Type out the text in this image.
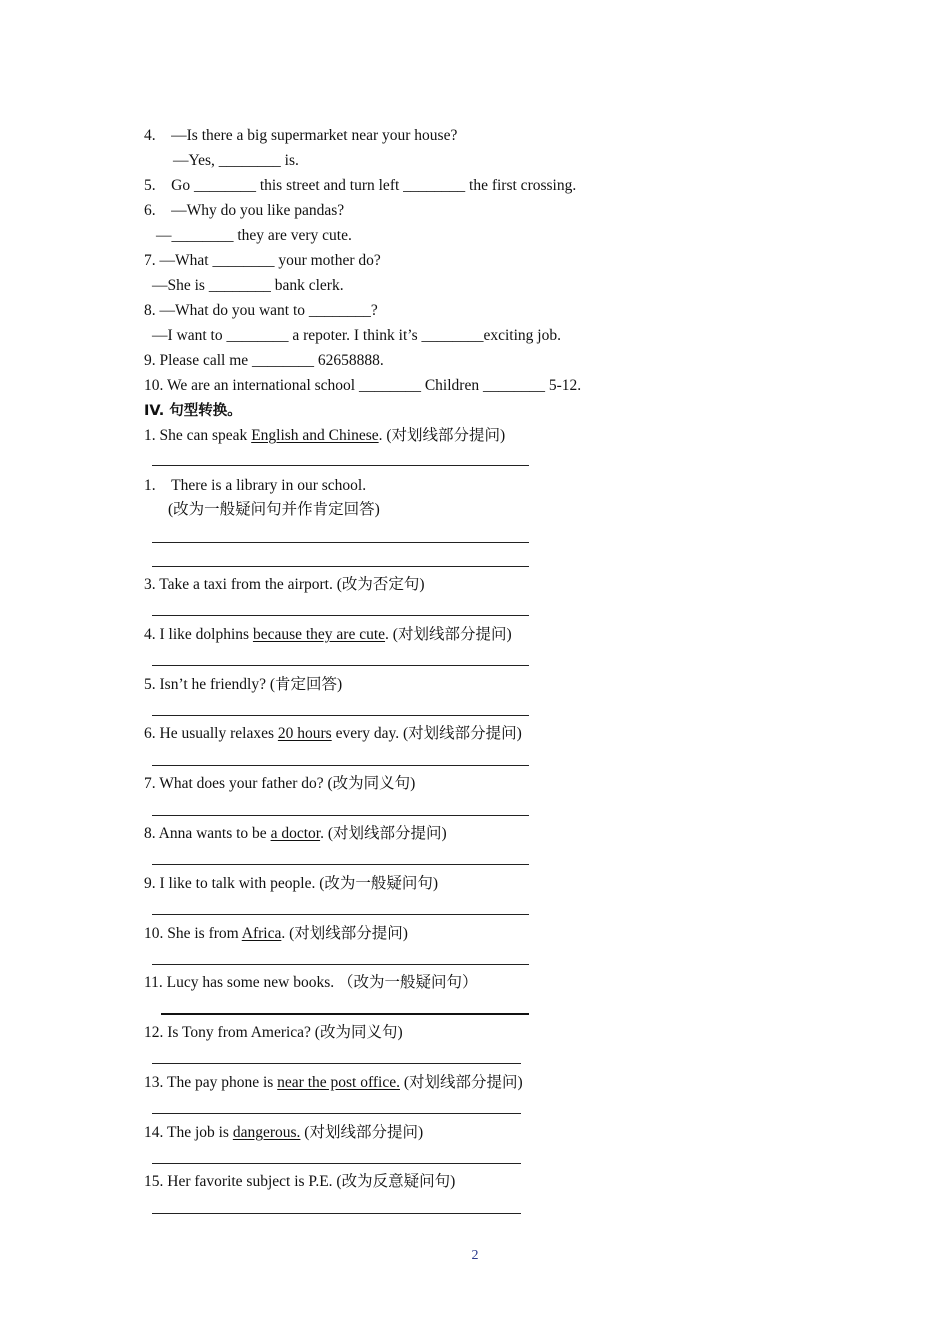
4.    —Is there a big supermarket near your house?
—Yes, ________ is.
5.    Go ________ this street and turn left ________ the first crossing.
6.    —Why do you like pandas?
—________ they are very cute.
7. —What ________ your mother do?
—She is ________ bank clerk.
8. —What do you want to ________?
—I want to ________ a repoter. I think it’s ________exciting job.
9. Please call me ________ 62658888.
10. We are an international school ________ Children ________ 5-12.
IV. 句型转换。
1. She can speak English and Chinese. (对划线部分提问)
1.    There is a library in our school.
(改为一般疑问句并作肯定回答)
3. Take a taxi from the airport. (改为否定句)
4. I like dolphins because they are cute. (对划线部分提问)
5. Isn’t he friendly? (肯定回答)
6. He usually relaxes 20 hours every day. (对划线部分提问)
7. What does your father do? (改为同义句)
8. Anna wants to be a doctor. (对划线部分提问)
9. I like to talk with people. (改为一般疑问句)
10. She is from Africa. (对划线部分提问)
11. Lucy has some new books. （改为一般疑问句）
12. Is Tony from America? (改为同义句)
13. The pay phone is near the post office. (对划线部分提问)
14. The job is dangerous. (对划线部分提问)
15. Her favorite subject is P.E. (改为反意疑问句)
2
